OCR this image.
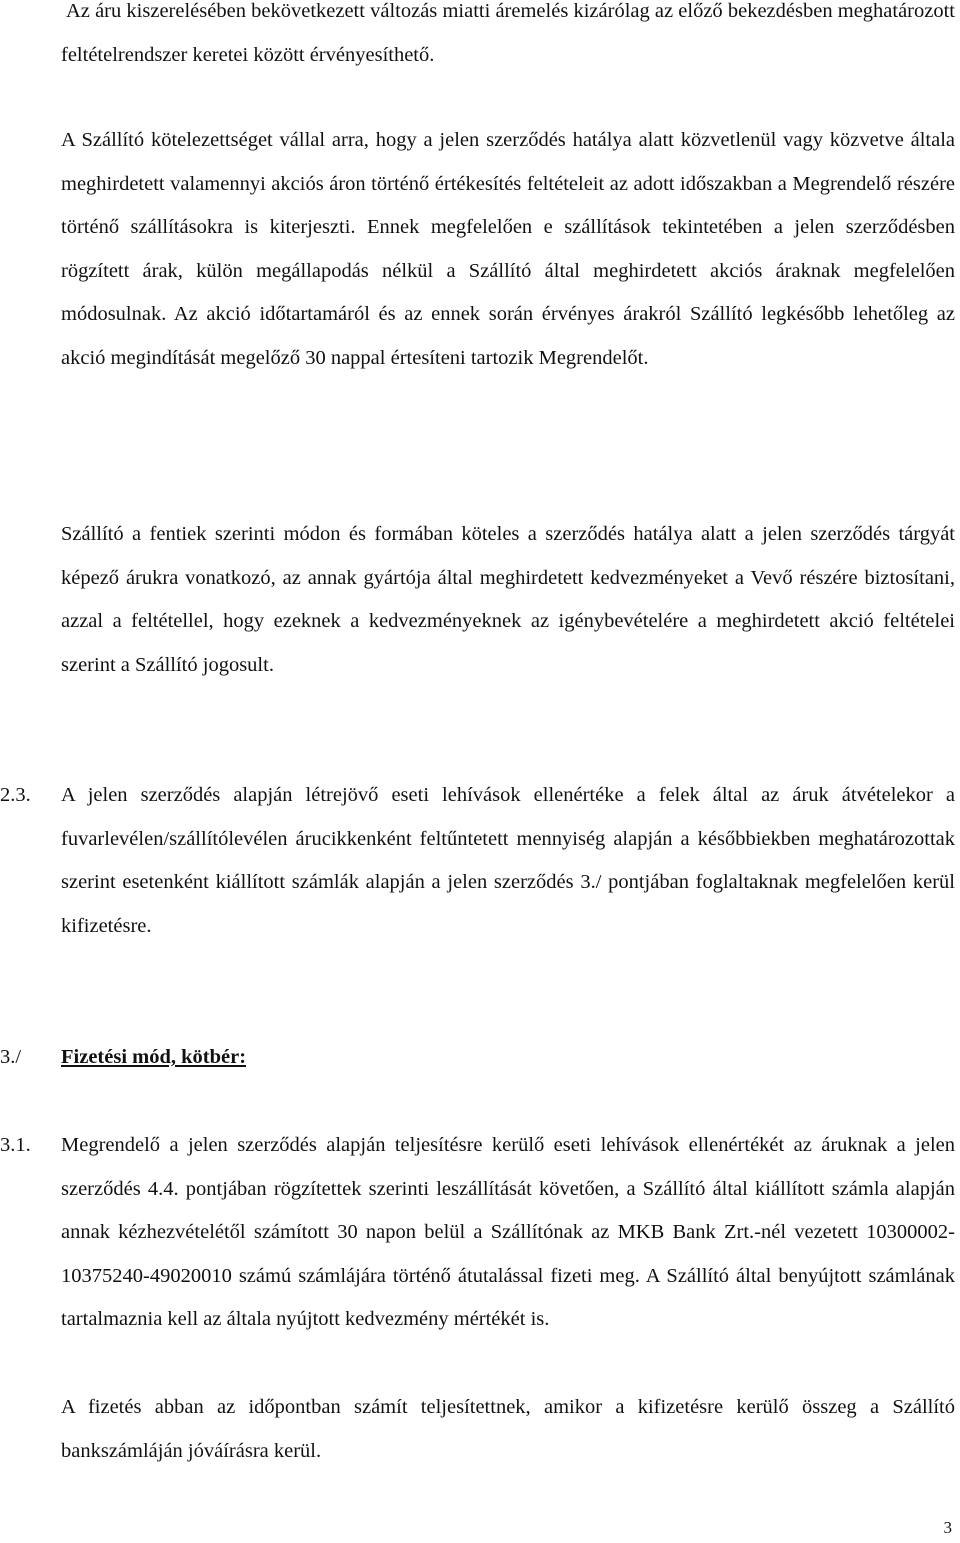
Az áru kiszerelésében bekövetkezett változás miatti áremelés kizárólag az előző bekezdésben meghatározott feltételrendszer keretei között érvényesíthető.

A Szállító kötelezettséget vállal arra, hogy a jelen szerződés hatálya alatt közvetlenül vagy közvetve általa meghirdetett valamennyi akciós áron történő értékesítés feltételeit az adott időszakban a Megrendelő részére történő szállításokra is kiterjeszti. Ennek megfelelően e szállítások tekintetében a jelen szerződésben rögzített árak, külön megállapodás nélkül a Szállító által meghirdetett akciós áraknak megfelelően módosulnak. Az akció időtartamáról és az ennek során érvényes árakról Szállító legkésőbb lehetőleg az akció megindítását megelőző 30 nappal értesíteni tartozik Megrendelőt.

Szállító a fentiek szerinti módon és formában köteles a szerződés hatálya alatt a jelen szerződés tárgyát képező árukra vonatkozó, az annak gyártója által meghirdetett kedvezményeket a Vevő részére biztosítani, azzal a feltétellel, hogy ezeknek a kedvezményeknek az igénybevételére a meghirdetett akció feltételei szerint a Szállító jogosult.

2.3.	A jelen szerződés alapján létrejövő eseti lehívások ellenértéke a felek által az áruk átvételekor a fuvarlevélen/szállítólevélen árucikkenként feltűntetett mennyiség alapján a későbbiekben meghatározottak szerint esetenként kiállított számlák alapján a jelen szerződés 3./ pontjában foglaltaknak megfelelően kerül kifizetésre.

3./	Fizetési mód, kötbér:

3.1.	Megrendelő a jelen szerződés alapján teljesítésre kerülő eseti lehívások ellenértékét az áruknak a jelen szerződés 4.4. pontjában rögzítettek szerinti leszállítását követően, a Szállító által kiállított számla alapján annak kézhezvételétől számított 30 napon belül a Szállítónak az MKB Bank Zrt.-nél vezetett 10300002-10375240-49020010 számú számlájára történő átutalással fizeti meg. A Szállító által benyújtott számlának tartalmaznia kell az általa nyújtott kedvezmény mértékét is.

A fizetés abban az időpontban számít teljesítettnek, amikor a kifizetésre kerülő összeg a Szállító bankszámláján jóváírásra kerül.

3
